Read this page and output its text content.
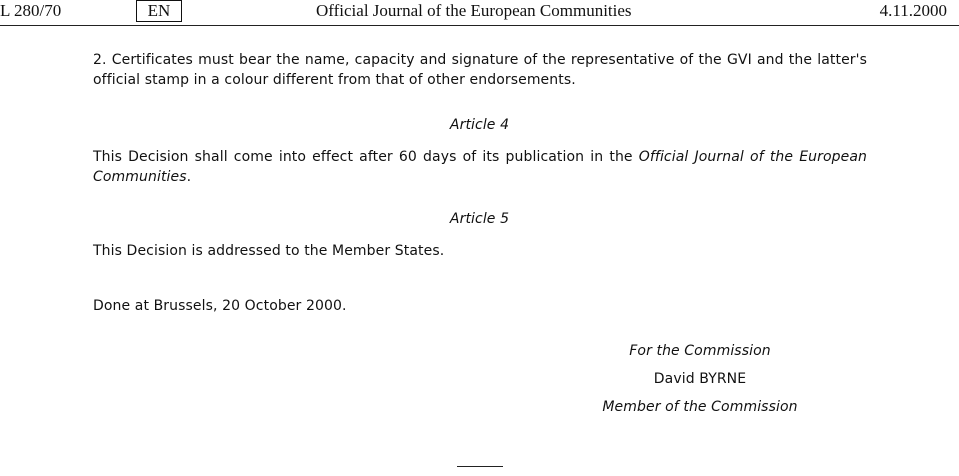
L 280/70	EN	Official Journal of the European Communities	4.11.2000
2. Certificates must bear the name, capacity and signature of the representative of the GVI and the latter's official stamp in a colour different from that of other endorsements.
Article 4
This Decision shall come into effect after 60 days of its publication in the Official Journal of the European Communities.
Article 5
This Decision is addressed to the Member States.
Done at Brussels, 20 October 2000.
For the Commission
David BYRNE
Member of the Commission
